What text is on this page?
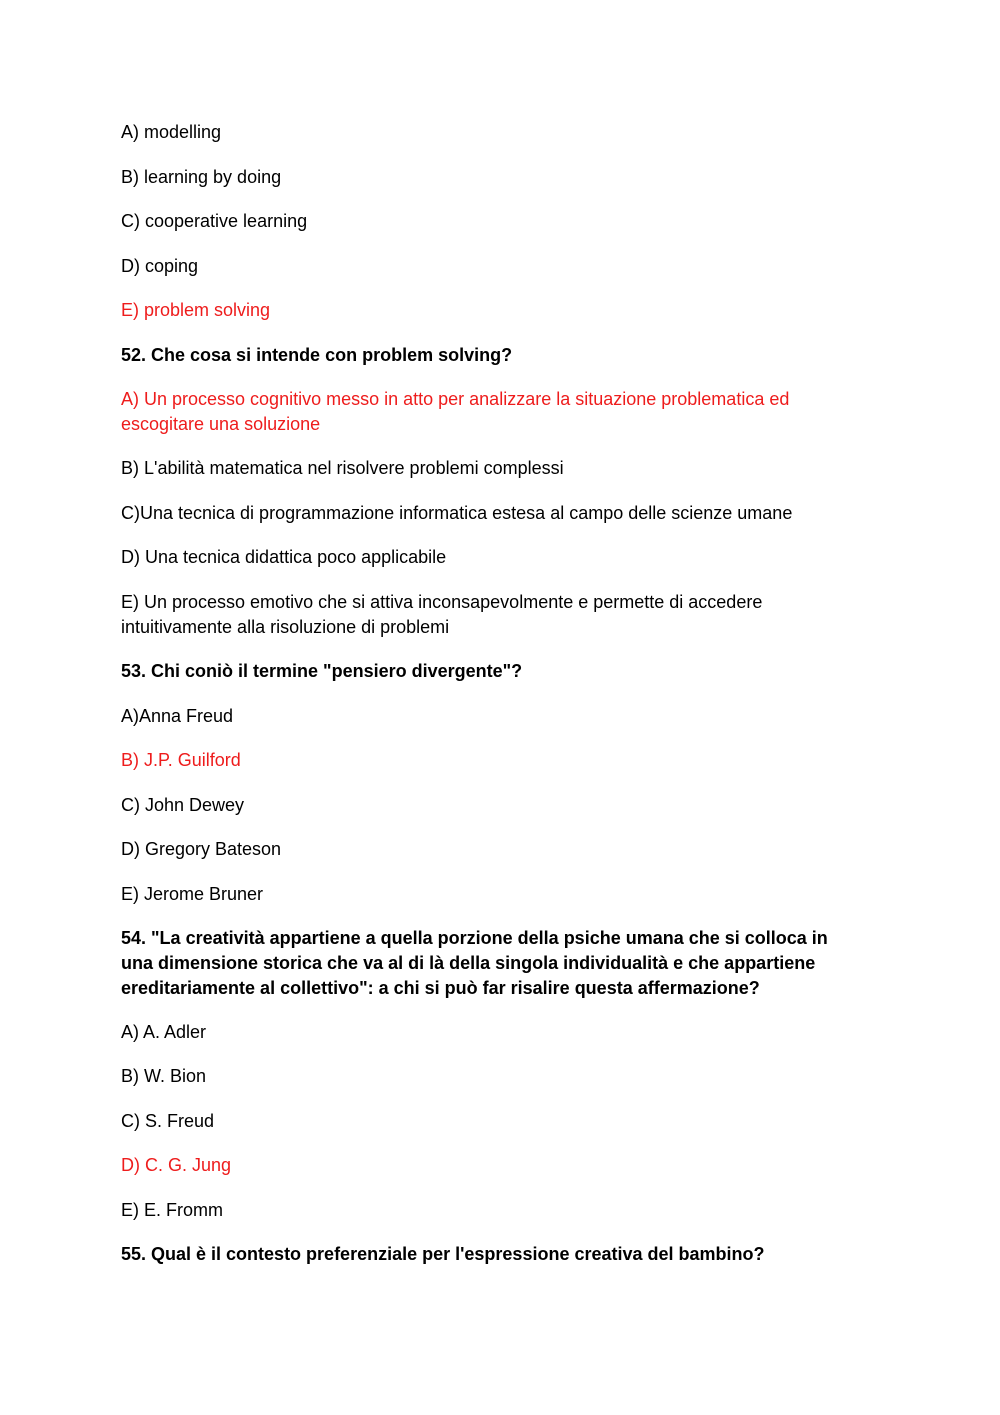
A) modelling
B) learning by doing
C) cooperative learning
D) coping
E) problem solving
52. Che cosa si intende con problem solving?
A) Un processo cognitivo messo in atto per analizzare la situazione problematica ed escogitare una soluzione
B) L'abilità matematica nel risolvere problemi complessi
C)Una tecnica di programmazione informatica estesa al campo delle scienze umane
D) Una tecnica didattica poco applicabile
E) Un processo emotivo che si attiva inconsapevolmente e permette di accedere intuitivamente alla risoluzione di problemi
53. Chi coniò il termine "pensiero divergente"?
A)Anna Freud
B) J.P. Guilford
C) John Dewey
D) Gregory Bateson
E) Jerome Bruner
54. "La creatività appartiene a quella porzione della psiche umana che si colloca in una dimensione storica che va al di là della singola individualità e che appartiene ereditariamente al collettivo": a chi si può far risalire questa affermazione?
A) A. Adler
B) W. Bion
C) S. Freud
D) C. G. Jung
E) E. Fromm
55. Qual è il contesto preferenziale per l'espressione creativa del bambino?
